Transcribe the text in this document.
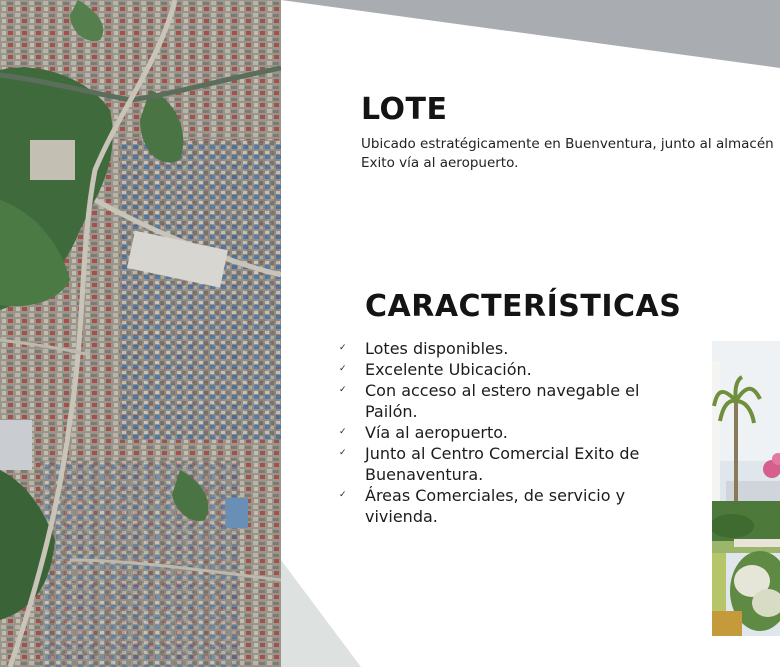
LOTE

Ubicado estratégicamente en Buenventura, junto al almacén
Exito vía al aeropuerto.

CARACTERÍSTICAS
✓ Lotes disponibles.
✓ Excelente Ubicación.
✓ Con acceso al estero navegable el
Pailón.
✓ Vía al aeropuerto.
✓ Junto al Centro Comercial Exito de
Buenaventura.
✓ Áreas Comerciales, de servicio y
vivienda.
